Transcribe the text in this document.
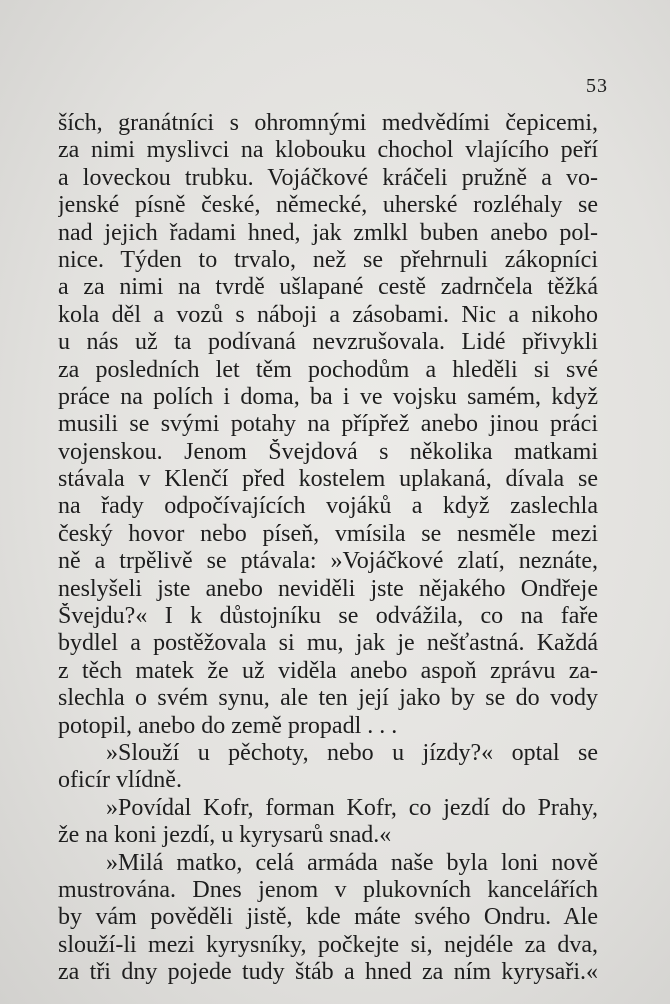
53
ších, granátníci s ohromnými medvědími čepicemi,
za nimi myslivci na klobouku chochol vlajícího peří
a loveckou trubku. Vojáčkové kráčeli pružně a vo-
jenské písně české, německé, uherské rozléhaly se
nad jejich řadami hned, jak zmlkl buben anebo pol-
nice. Týden to trvalo, než se přehrnuli zákopníci
a za nimi na tvrdě ušlapané cestě zadrnčela těžká
kola děl a vozů s náboji a zásobami. Nic a nikoho
u nás už ta podívaná nevzrušovala. Lidé přivykli
za posledních let těm pochodům a hleděli si své
práce na polích i doma, ba i ve vojsku samém, když
musili se svými potahy na přípřež anebo jinou práci
vojenskou. Jenom Švejdová s několika matkami
stávala v Klenčí před kostelem uplakaná, dívala se
na řady odpočívajících vojáků a když zaslechla
český hovor nebo píseň, vmísila se nesměle mezi
ně a trpělivě se ptávala: »Vojáčkové zlatí, neznáte,
neslyšeli jste anebo neviděli jste nějakého Ondřeje
Švejdu?« I k důstojníku se odvážila, co na faře
bydlel a postěžovala si mu, jak je nešťastná. Každá
z těch matek že už viděla anebo aspoň zprávu za-
slechla o svém synu, ale ten její jako by se do vody
potopil, anebo do země propadl . . .
»Slouží u pěchoty, nebo u jízdy?« optal se
oficír vlídně.
»Povídal Kofr, forman Kofr, co jezdí do Prahy,
že na koni jezdí, u kyrysarů snad.«
»Milá matko, celá armáda naše byla loni nově
mustrována. Dnes jenom v plukovních kancelářích
by vám pověděli jistě, kde máte svého Ondru. Ale
slouží-li mezi kyrysníky, počkejte si, nejdéle za dva,
za tři dny pojede tudy štáb a hned za ním kyrysaři.«
